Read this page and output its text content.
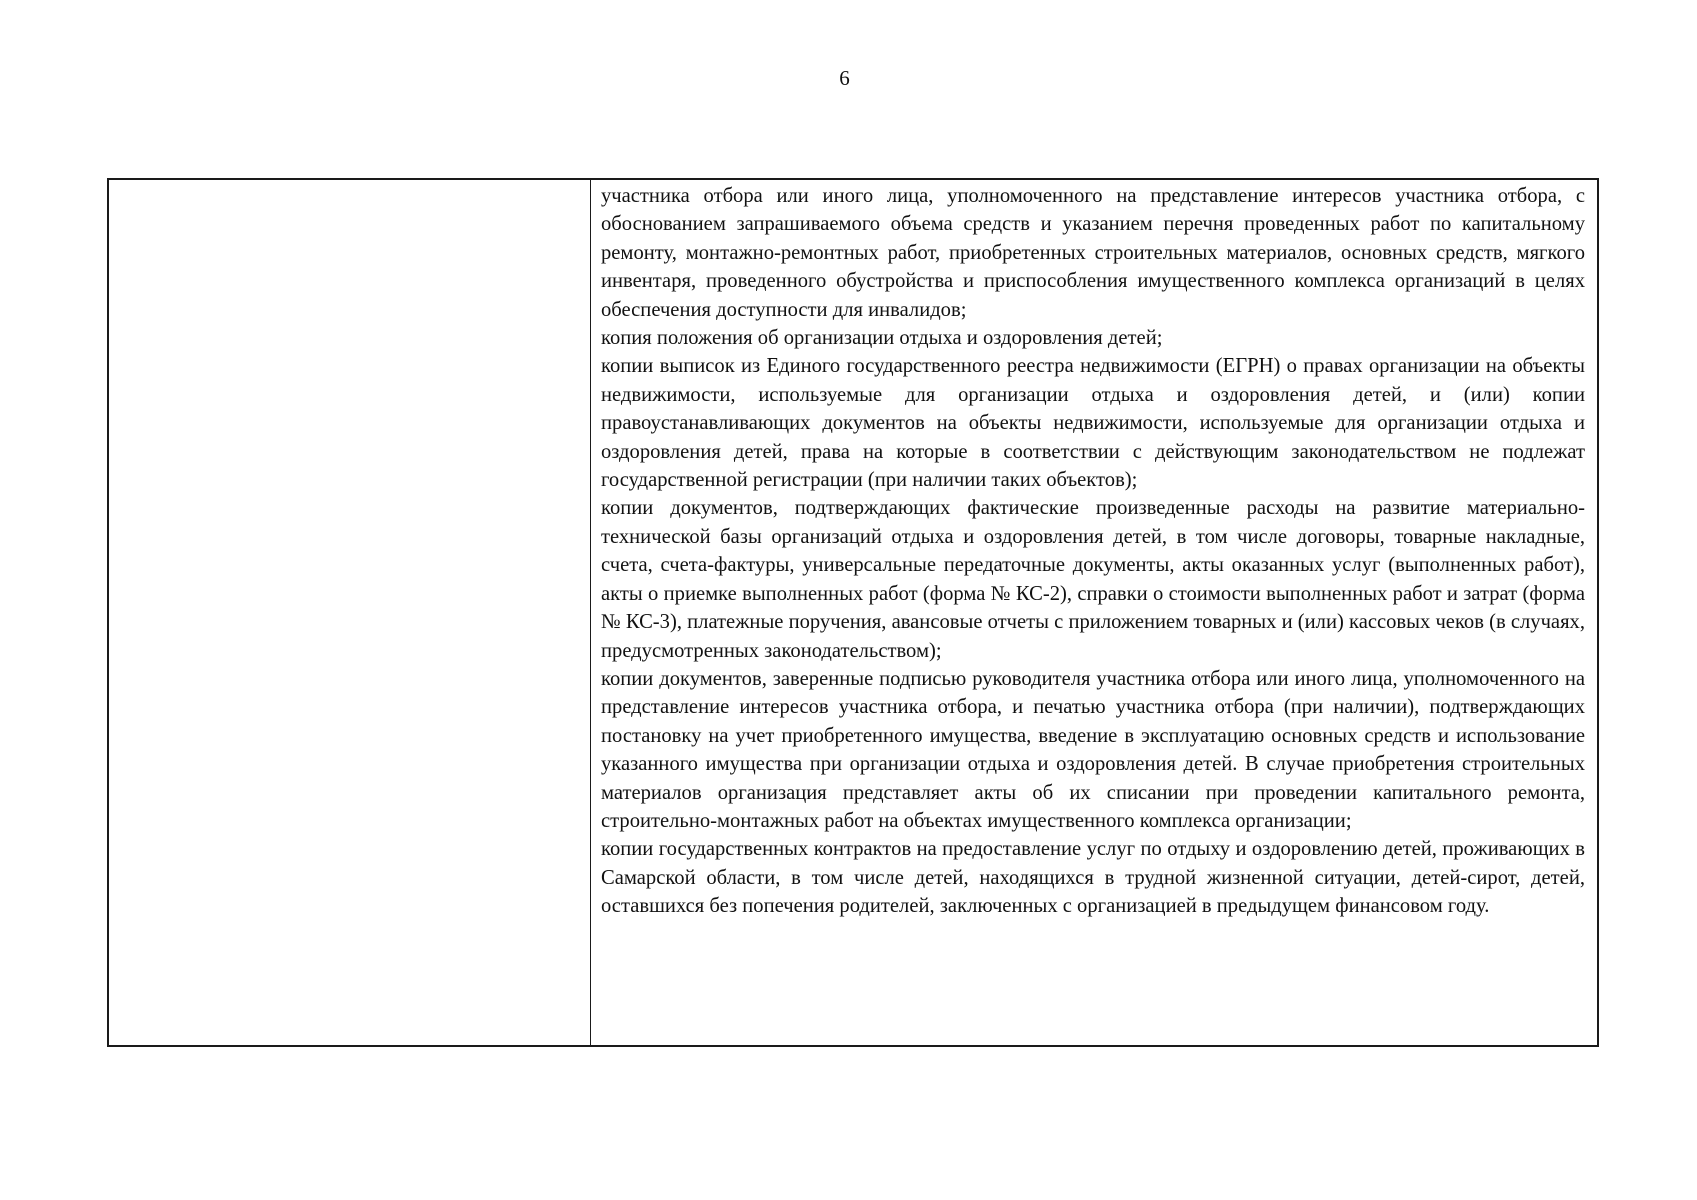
6

участника отбора или иного лица, уполномоченного на представление интересов участника отбора, с обоснованием запрашиваемого объема средств и указанием перечня проведенных работ по капитальному ремонту, монтажно-ремонтных работ, приобретенных строительных материалов, основных средств, мягкого инвентаря, проведенного обустройства и приспособления имущественного комплекса организаций в целях обеспечения доступности для инвалидов;

копия положения об организации отдыха и оздоровления детей;

копии выписок из Единого государственного реестра недвижимости (ЕГРН) о правах организации на объекты недвижимости, используемые для организации отдыха и оздоровления детей, и (или) копии правоустанавливающих документов на объекты недвижимости, используемые для организации отдыха и оздоровления детей, права на которые в соответствии с действующим законодательством не подлежат государственной регистрации (при наличии таких объектов);

копии документов, подтверждающих фактические произведенные расходы на развитие материально-технической базы организаций отдыха и оздоровления детей, в том числе договоры, товарные накладные, счета, счета-фактуры, универсальные передаточные документы, акты оказанных услуг (выполненных работ), акты о приемке выполненных работ (форма № КС-2), справки о стоимости выполненных работ и затрат (форма № КС-3), платежные поручения, авансовые отчеты с приложением товарных и (или) кассовых чеков (в случаях, предусмотренных законодательством);

копии документов, заверенные подписью руководителя участника отбора или иного лица, уполномоченного на представление интересов участника отбора, и печатью участника отбора (при наличии), подтверждающих постановку на учет приобретенного имущества, введение в эксплуатацию основных средств и использование указанного имущества при организации отдыха и оздоровления детей. В случае приобретения строительных материалов организация представляет акты об их списании при проведении капитального ремонта, строительно-монтажных работ на объектах имущественного комплекса организации;

копии государственных контрактов на предоставление услуг по отдыху и оздоровлению детей, проживающих в Самарской области, в том числе детей, находящихся в трудной жизненной ситуации, детей-сирот, детей, оставшихся без попечения родителей, заключенных с организацией в предыдущем финансовом году.
